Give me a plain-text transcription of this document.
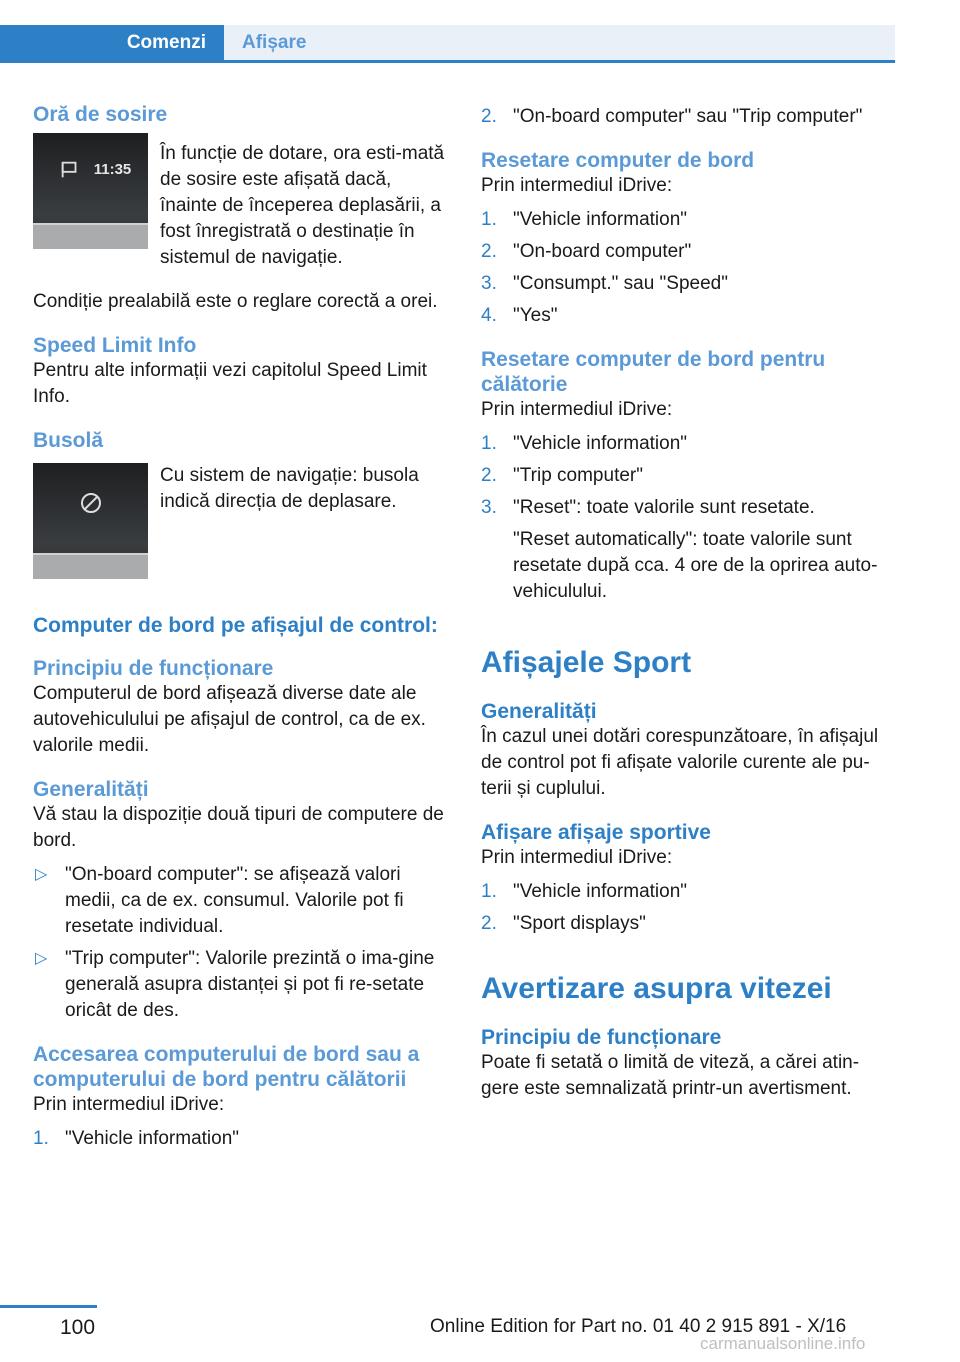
Comenzi	Afișare
Oră de sosire
11:35
În funcție de dotare, ora esti-mată de sosire este afișată dacă, înainte de începerea deplasării, a fost înregistrată o destinație în sistemul de navigație.
Condiție prealabilă este o reglare corectă a orei.
Speed Limit Info
Pentru alte informații vezi capitolul Speed Limit Info.
Busolă
Cu sistem de navigație: busola indică direcția de deplasare.
Computer de bord pe afișajul de control:
Principiu de funcționare
Computerul de bord afișează diverse date ale autovehiculului pe afișajul de control, ca de ex. valorile medii.
Generalități
Vă stau la dispoziție două tipuri de computere de bord.
▷ "On-board computer": se afișează valori medii, ca de ex. consumul. Valorile pot fi resetate individual.
▷ "Trip computer": Valorile prezintă o ima-gine generală asupra distanței și pot fi re-setate oricât de des.
Accesarea computerului de bord sau a computerului de bord pentru călătorii
Prin intermediul iDrive:
1. "Vehicle information"
2. "On-board computer" sau "Trip computer"
Resetare computer de bord
Prin intermediul iDrive:
1. "Vehicle information"
2. "On-board computer"
3. "Consumpt." sau "Speed"
4. "Yes"
Resetare computer de bord pentru călătorie
Prin intermediul iDrive:
1. "Vehicle information"
2. "Trip computer"
3. "Reset": toate valorile sunt resetate.
"Reset automatically": toate valorile sunt resetate după cca. 4 ore de la oprirea auto-vehiculului.
Afișajele Sport
Generalități
În cazul unei dotări corespunzătoare, în afișajul de control pot fi afișate valorile curente ale pu-terii și cuplului.
Afișare afișaje sportive
Prin intermediul iDrive:
1. "Vehicle information"
2. "Sport displays"
Avertizare asupra vitezei
Principiu de funcționare
Poate fi setată o limită de viteză, a cărei atin-gere este semnalizată printr-un avertisment.
100	Online Edition for Part no. 01 40 2 915 891 - X/16
carmanualsonline.info
